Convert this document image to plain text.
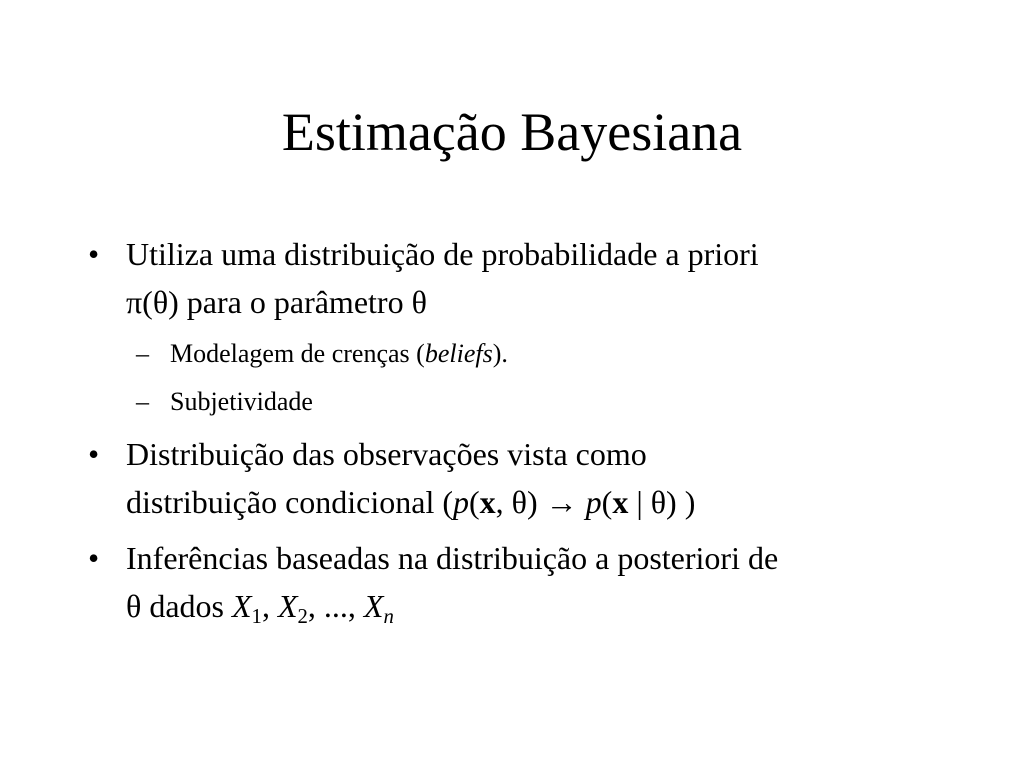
Estimação Bayesiana
• Utiliza uma distribuição de probabilidade a priori
π(θ) para o parâmetro θ
– Modelagem de crenças (beliefs).
– Subjetividade
• Distribuição das observações vista como
distribuição condicional (p(x, θ) → p(x | θ) )
• Inferências baseadas na distribuição a posteriori de
θ dados $X_1$, $X_2$, ..., $X_n$
